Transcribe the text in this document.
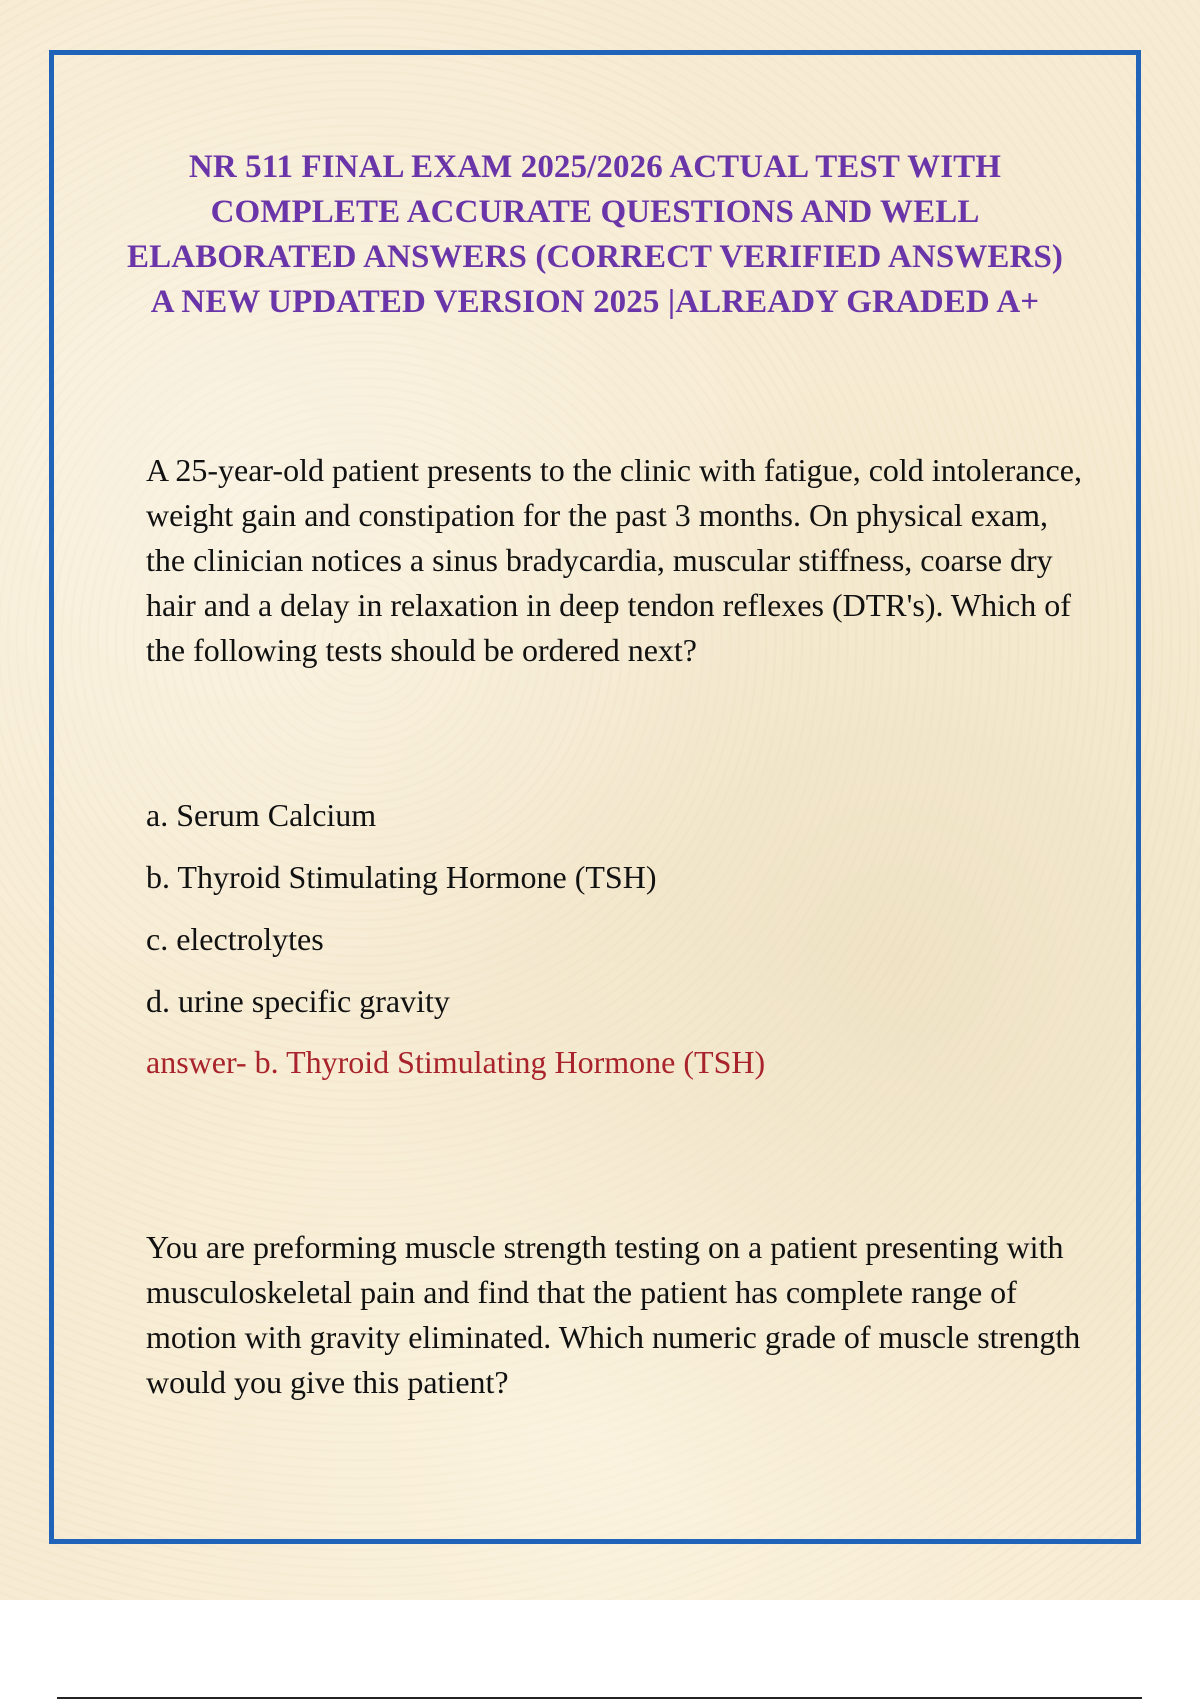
NR 511 FINAL EXAM 2025/2026 ACTUAL TEST WITH COMPLETE ACCURATE QUESTIONS AND WELL ELABORATED ANSWERS (CORRECT VERIFIED ANSWERS) A NEW UPDATED VERSION 2025 |ALREADY GRADED A+

A 25-year-old patient presents to the clinic with fatigue, cold intolerance, weight gain and constipation for the past 3 months. On physical exam, the clinician notices a sinus bradycardia, muscular stiffness, coarse dry hair and a delay in relaxation in deep tendon reflexes (DTR's). Which of the following tests should be ordered next?

a. Serum Calcium
b. Thyroid Stimulating Hormone (TSH)
c. electrolytes
d. urine specific gravity

answer- b. Thyroid Stimulating Hormone (TSH)

You are preforming muscle strength testing on a patient presenting with musculoskeletal pain and find that the patient has complete range of motion with gravity eliminated. Which numeric grade of muscle strength would you give this patient?
